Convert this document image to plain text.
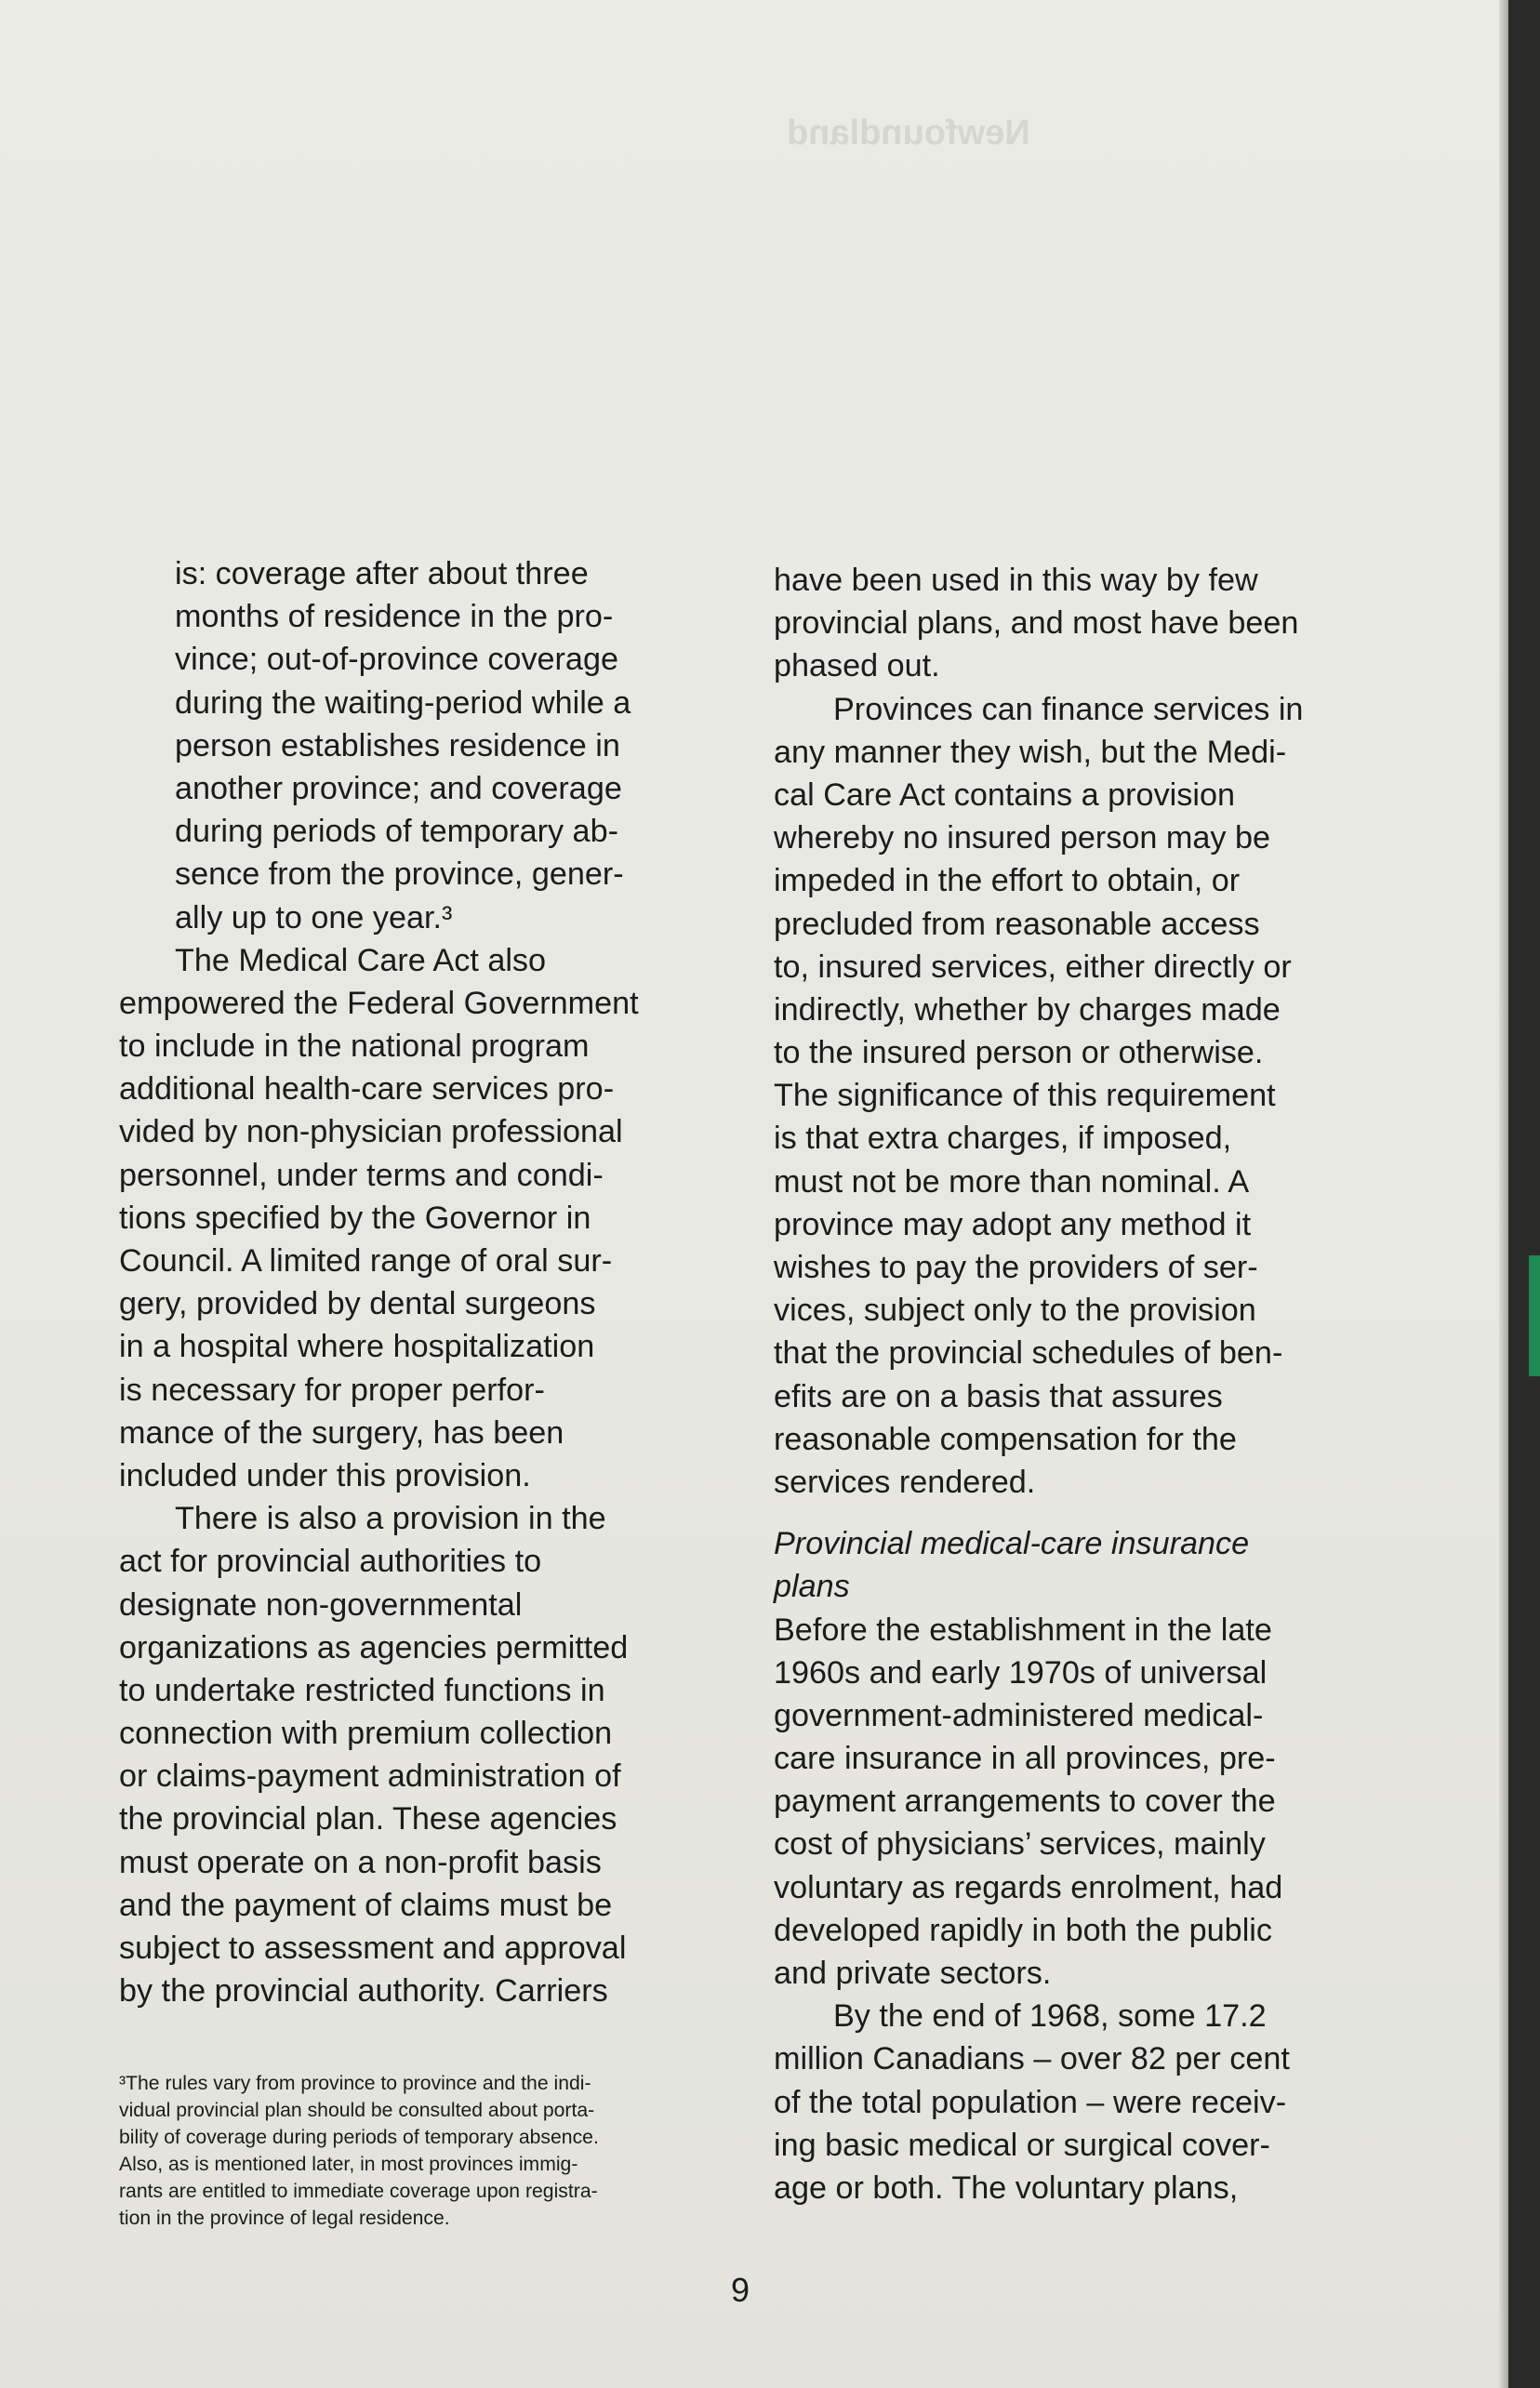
Newfoundland
is: coverage after about three
months of residence in the pro-
vince; out-of-province coverage
during the waiting-period while a
person establishes residence in
another province; and coverage
during periods of temporary ab-
sence from the province, gener-
ally up to one year.³
The Medical Care Act also
empowered the Federal Government
to include in the national program
additional health-care services pro-
vided by non-physician professional
personnel, under terms and condi-
tions specified by the Governor in
Council. A limited range of oral sur-
gery, provided by dental surgeons
in a hospital where hospitalization
is necessary for proper perfor-
mance of the surgery, has been
included under this provision.
There is also a provision in the
act for provincial authorities to
designate non-governmental
organizations as agencies permitted
to undertake restricted functions in
connection with premium collection
or claims-payment administration of
the provincial plan. These agencies
must operate on a non-profit basis
and the payment of claims must be
subject to assessment and approval
by the provincial authority. Carriers
³The rules vary from province to province and the indi-
vidual provincial plan should be consulted about porta-
bility of coverage during periods of temporary absence.
Also, as is mentioned later, in most provinces immig-
rants are entitled to immediate coverage upon registra-
tion in the province of legal residence.
have been used in this way by few
provincial plans, and most have been
phased out.
Provinces can finance services in
any manner they wish, but the Medi-
cal Care Act contains a provision
whereby no insured person may be
impeded in the effort to obtain, or
precluded from reasonable access
to, insured services, either directly or
indirectly, whether by charges made
to the insured person or otherwise.
The significance of this requirement
is that extra charges, if imposed,
must not be more than nominal. A
province may adopt any method it
wishes to pay the providers of ser-
vices, subject only to the provision
that the provincial schedules of ben-
efits are on a basis that assures
reasonable compensation for the
services rendered.
Provincial medical-care insurance
plans
Before the establishment in the late
1960s and early 1970s of universal
government-administered medical-
care insurance in all provinces, pre-
payment arrangements to cover the
cost of physicians’ services, mainly
voluntary as regards enrolment, had
developed rapidly in both the public
and private sectors.
By the end of 1968, some 17.2
million Canadians – over 82 per cent
of the total population – were receiv-
ing basic medical or surgical cover-
age or both. The voluntary plans,
9
